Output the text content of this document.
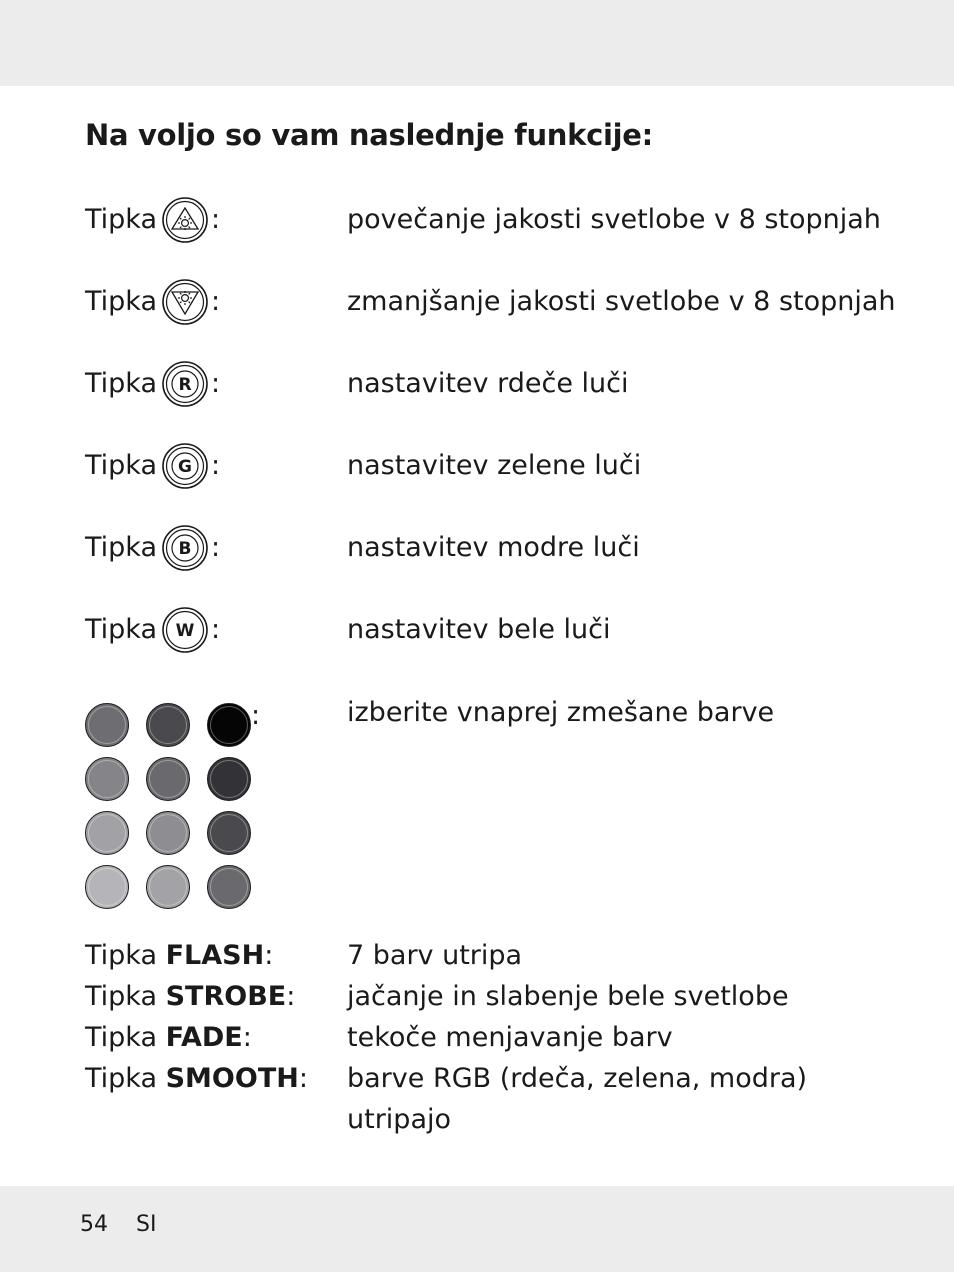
Na voljo so vam naslednje funkcije:
Tipka :	povečanje jakosti svetlobe v 8 stopnjah
Tipka :	zmanjšanje jakosti svetlobe v 8 stopnjah
Tipka R :	nastavitev rdeče luči
Tipka G :	nastavitev zelene luči
Tipka B :	nastavitev modre luči
Tipka W :	nastavitev bele luči
:	izberite vnaprej zmešane barve
Tipka FLASH:	7 barv utripa
Tipka STROBE: jačanje in slabenje bele svetlobe
Tipka FADE:	tekoče menjavanje barv
Tipka SMOOTH: barve RGB (rdeča, zelena, modra)
utripajo
54 SI
